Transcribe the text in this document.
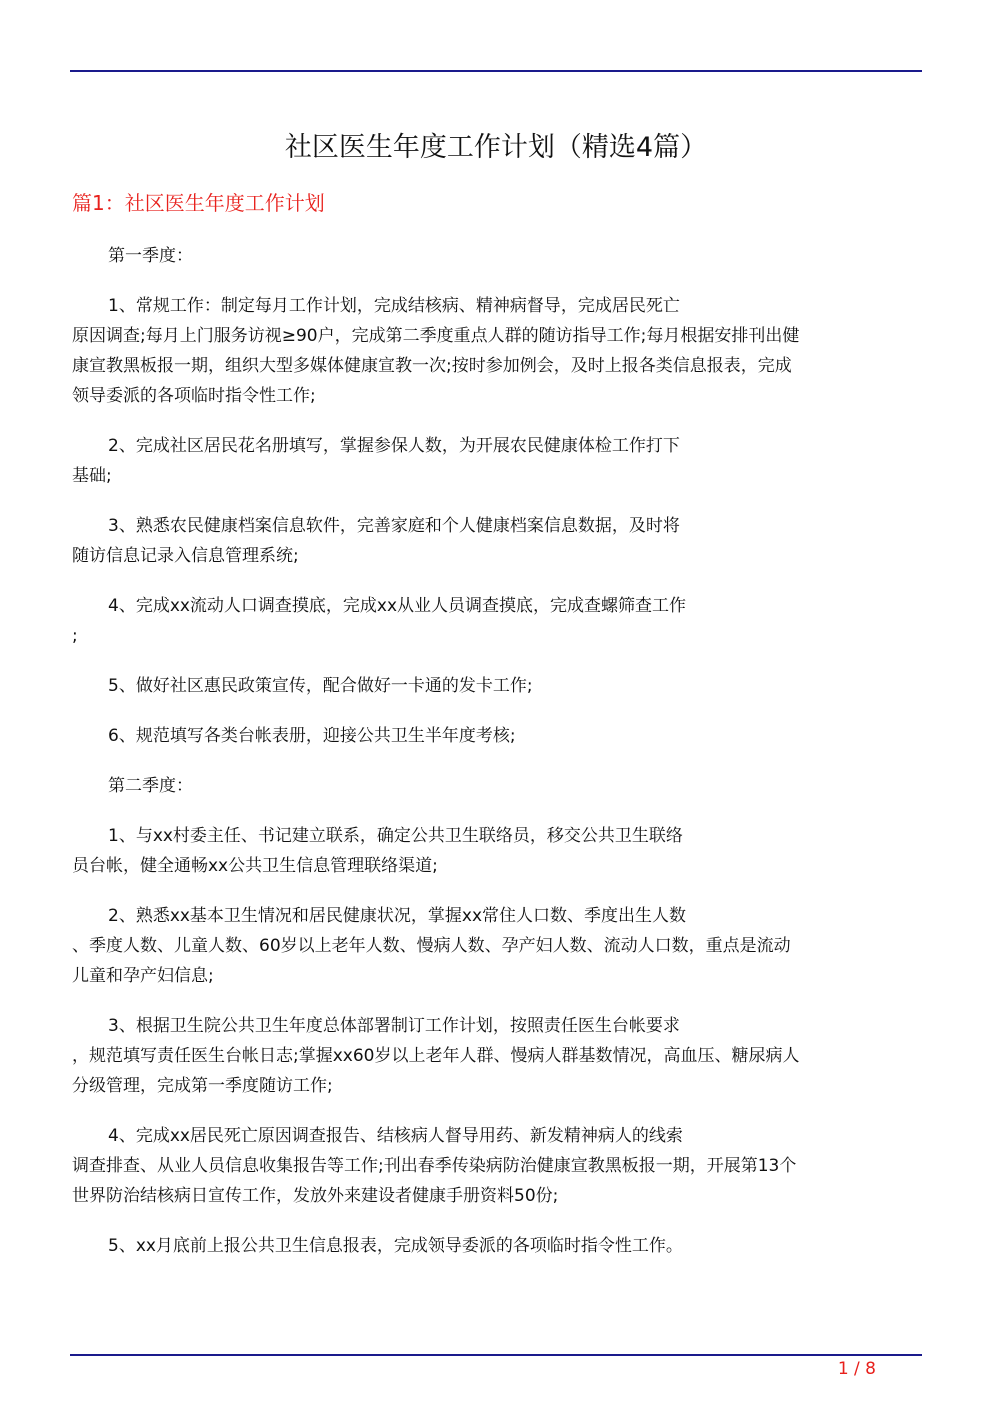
社区医生年度工作计划（精选4篇）
篇1：社区医生年度工作计划
第一季度：
1、常规工作：制定每月工作计划，完成结核病、精神病督导，完成居民死亡
原因调查;每月上门服务访视≥90户，完成第二季度重点人群的随访指导工作;每月根据安排刊出健
康宣教黑板报一期，组织大型多媒体健康宣教一次;按时参加例会，及时上报各类信息报表，完成
领导委派的各项临时指令性工作;
2、完成社区居民花名册填写，掌握参保人数，为开展农民健康体检工作打下
基础;
3、熟悉农民健康档案信息软件，完善家庭和个人健康档案信息数据，及时将
随访信息记录入信息管理系统;
4、完成xx流动人口调查摸底，完成xx从业人员调查摸底，完成查螺筛查工作
;
5、做好社区惠民政策宣传，配合做好一卡通的发卡工作;
6、规范填写各类台帐表册，迎接公共卫生半年度考核;
第二季度：
1、与xx村委主任、书记建立联系，确定公共卫生联络员，移交公共卫生联络
员台帐，健全通畅xx公共卫生信息管理联络渠道;
2、熟悉xx基本卫生情况和居民健康状况，掌握xx常住人口数、季度出生人数
、季度人数、儿童人数、60岁以上老年人数、慢病人数、孕产妇人数、流动人口数，重点是流动
儿童和孕产妇信息;
3、根据卫生院公共卫生年度总体部署制订工作计划，按照责任医生台帐要求
，规范填写责任医生台帐日志;掌握xx60岁以上老年人群、慢病人群基数情况，高血压、糖尿病人
分级管理，完成第一季度随访工作;
4、完成xx居民死亡原因调查报告、结核病人督导用药、新发精神病人的线索
调查排查、从业人员信息收集报告等工作;刊出春季传染病防治健康宣教黑板报一期，开展第13个
世界防治结核病日宣传工作，发放外来建设者健康手册资料50份;
5、xx月底前上报公共卫生信息报表，完成领导委派的各项临时指令性工作。
1 / 8
